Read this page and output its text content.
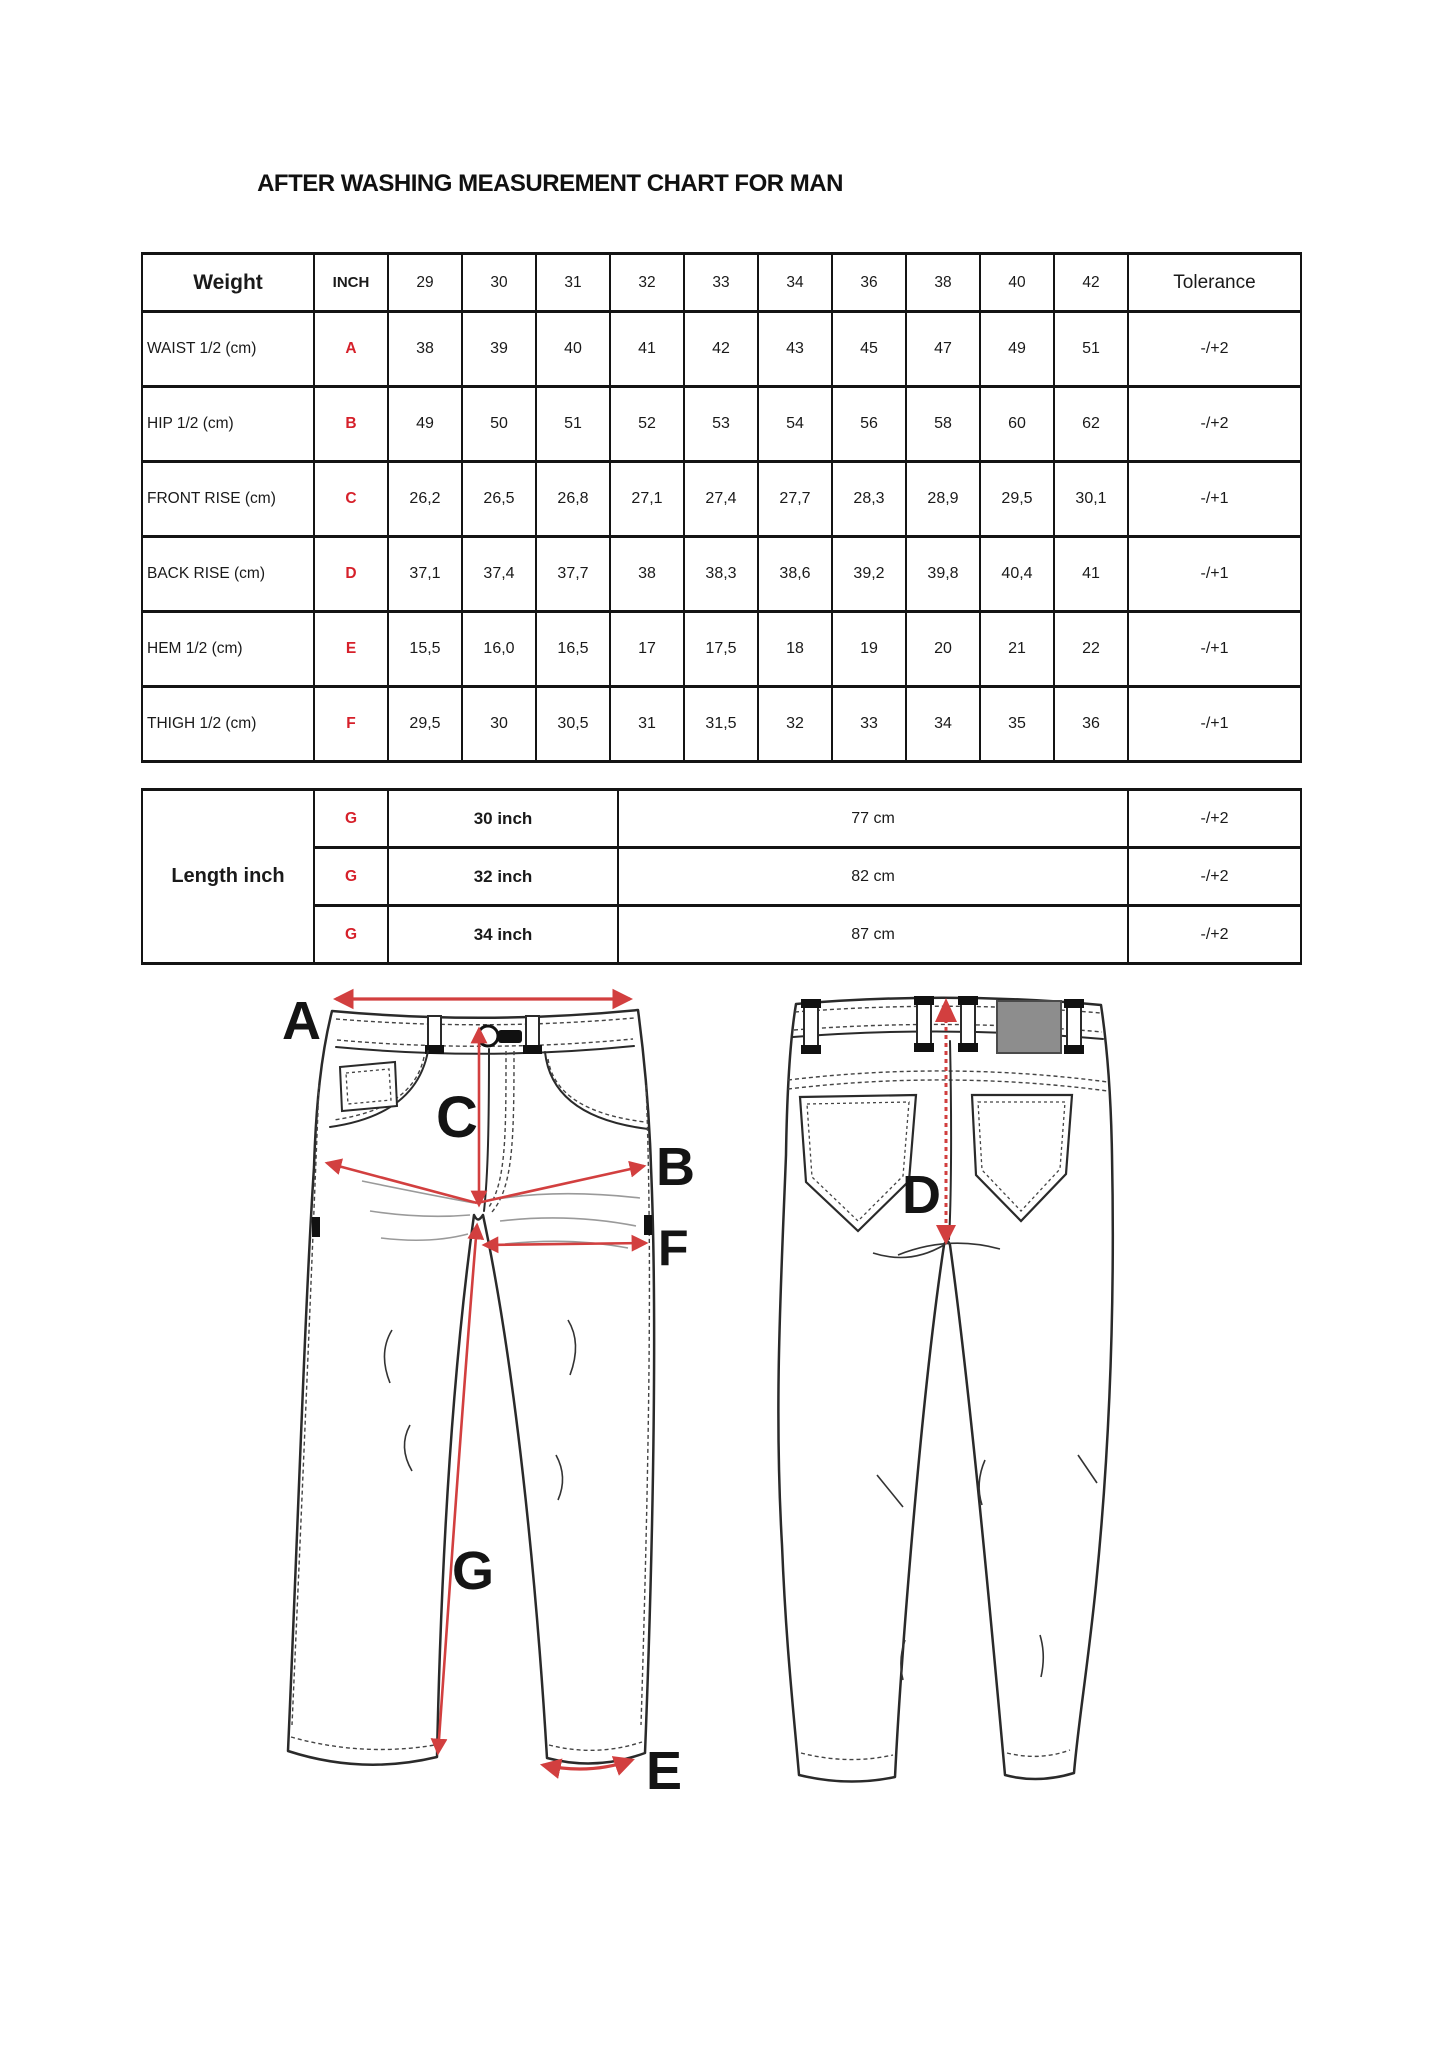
AFTER WASHING MEASUREMENT CHART FOR MAN
Weight	INCH	29	30	31	32	33	34	36	38	40	42	Tolerance
WAIST 1/2 (cm)	A	38	39	40	41	42	43	45	47	49	51	-/+2
HIP 1/2 (cm)	B	49	50	51	52	53	54	56	58	60	62	-/+2
FRONT RISE (cm)	C	26,2	26,5	26,8	27,1	27,4	27,7	28,3	28,9	29,5	30,1	-/+1
BACK RISE (cm)	D	37,1	37,4	37,7	38	38,3	38,6	39,2	39,8	40,4	41	-/+1
HEM 1/2 (cm)	E	15,5	16,0	16,5	17	17,5	18	19	20	21	22	-/+1
THIGH 1/2 (cm)	F	29,5	30	30,5	31	31,5	32	33	34	35	36	-/+1
Length inch	G	30 inch	77 cm	-/+2
	G	32 inch	82 cm	-/+2
	G	34 inch	87 cm	-/+2
A
C
B
F
G
E
D
